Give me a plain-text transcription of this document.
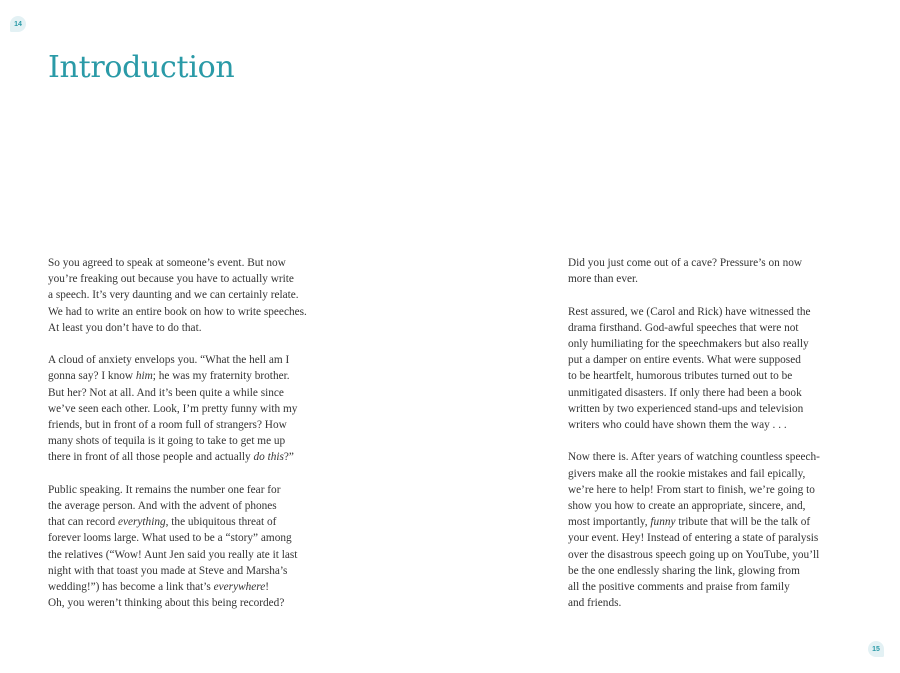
14
Introduction

So you agreed to speak at someone’s event. But now
you’re freaking out because you have to actually write
a speech. It’s very daunting and we can certainly relate.
We had to write an entire book on how to write speeches.
At least you don’t have to do that.

A cloud of anxiety envelops you. “What the hell am I
gonna say? I know him; he was my fraternity brother.
But her? Not at all. And it’s been quite a while since
we’ve seen each other. Look, I’m pretty funny with my
friends, but in front of a room full of strangers? How
many shots of tequila is it going to take to get me up
there in front of all those people and actually do this?”

Public speaking. It remains the number one fear for
the average person. And with the advent of phones
that can record everything, the ubiquitous threat of
forever looms large. What used to be a “story” among
the relatives (“Wow! Aunt Jen said you really ate it last
night with that toast you made at Steve and Marsha’s
wedding!”) has become a link that’s everywhere!
Oh, you weren’t thinking about this being recorded?

Did you just come out of a cave? Pressure’s on now
more than ever.

Rest assured, we (Carol and Rick) have witnessed the
drama firsthand. God-awful speeches that were not
only humiliating for the speechmakers but also really
put a damper on entire events. What were supposed
to be heartfelt, humorous tributes turned out to be
unmitigated disasters. If only there had been a book
written by two experienced stand-ups and television
writers who could have shown them the way . . .

Now there is. After years of watching countless speech-
givers make all the rookie mistakes and fail epically,
we’re here to help! From start to finish, we’re going to
show you how to create an appropriate, sincere, and,
most importantly, funny tribute that will be the talk of
your event. Hey! Instead of entering a state of paralysis
over the disastrous speech going up on YouTube, you’ll
be the one endlessly sharing the link, glowing from
all the positive comments and praise from family
and friends.

15
